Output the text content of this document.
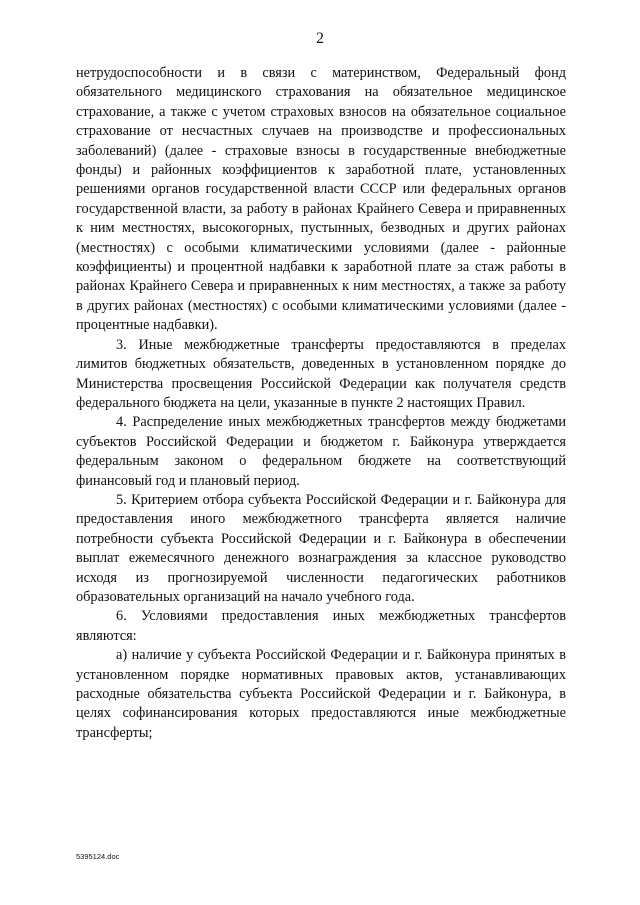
2

нетрудоспособности и в связи с материнством, Федеральный фонд обязательного медицинского страхования на обязательное медицинское страхование, а также с учетом страховых взносов на обязательное социальное страхование от несчастных случаев на производстве и профессиональных заболеваний) (далее - страховые взносы в государственные внебюджетные фонды) и районных коэффициентов к заработной плате, установленных решениями органов государственной власти СССР или федеральных органов государственной власти, за работу в районах Крайнего Севера и приравненных к ним местностях, высокогорных, пустынных, безводных и других районах (местностях) с особыми климатическими условиями (далее - районные коэффициенты) и процентной надбавки к заработной плате за стаж работы в районах Крайнего Севера и приравненных к ним местностях, а также за работу в других районах (местностях) с особыми климатическими условиями (далее - процентные надбавки).

3. Иные межбюджетные трансферты предоставляются в пределах лимитов бюджетных обязательств, доведенных в установленном порядке до Министерства просвещения Российской Федерации как получателя средств федерального бюджета на цели, указанные в пункте 2 настоящих Правил.

4. Распределение иных межбюджетных трансфертов между бюджетами субъектов Российской Федерации и бюджетом г. Байконура утверждается федеральным законом о федеральном бюджете на соответствующий финансовый год и плановый период.

5. Критерием отбора субъекта Российской Федерации и г. Байконура для предоставления иного межбюджетного трансферта является наличие потребности субъекта Российской Федерации и г. Байконура в обеспечении выплат ежемесячного денежного вознаграждения за классное руководство исходя из прогнозируемой численности педагогических работников образовательных организаций на начало учебного года.

6. Условиями предоставления иных межбюджетных трансфертов являются:

а) наличие у субъекта Российской Федерации и г. Байконура принятых в установленном порядке нормативных правовых актов, устанавливающих расходные обязательства субъекта Российской Федерации и г. Байконура, в целях софинансирования которых предоставляются иные межбюджетные трансферты;

5395124.doc
